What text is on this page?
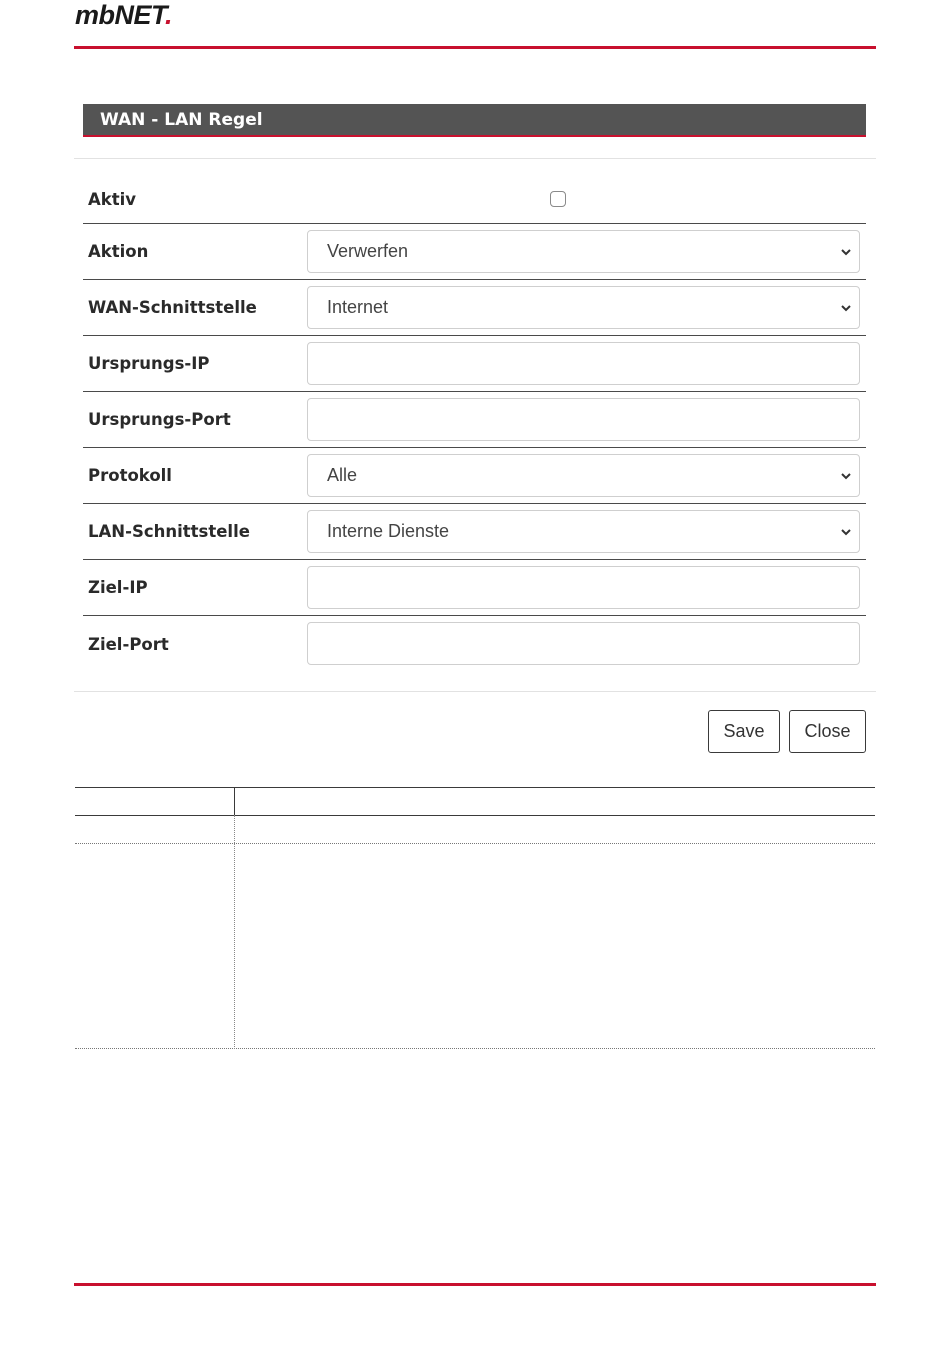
mbNET.
WAN - LAN Regel
Aktiv
Aktion	Verwerfen
WAN-Schnittstelle	Internet
Ursprungs-IP
Ursprungs-Port
Protokoll	Alle
LAN-Schnittstelle	Interne Dienste
Ziel-IP
Ziel-Port
Save	Close
